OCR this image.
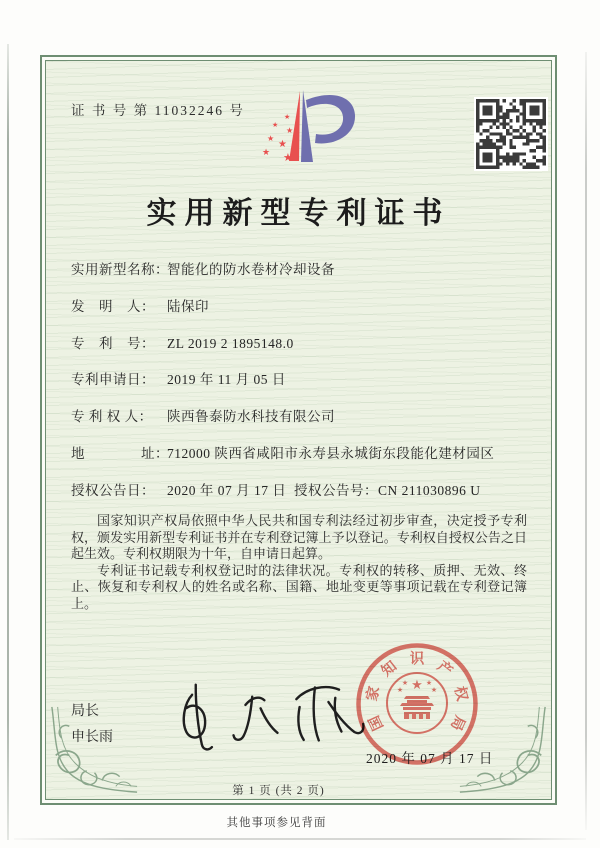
证 书 号 第 11032246 号	★
★
★
★
★
★ ★
实用新型专利证书
实用新型名称：智能化的防水卷材冷却设备
发　明　人： 陆保印
专　利　号： ZL 2019 2 1895148.0
专利申请日： 2019 年 11 月 05 日
专 利 权 人： 陕西鲁泰防水科技有限公司
地　　　　址：712000 陕西省咸阳市永寿县永城街东段能化建材园区
授权公告日： 2020 年 07 月 17 日 授权公告号：CN 211030896 U

国家知识产权局依照中华人民共和国专利法经过初步审查，决定授予专利权，颁发实用新型专利证书并在专利登记簿上予以登记。专利权自授权公告之日起生效。专利权期限为十年，自申请日起算。

专利证书记载专利权登记时的法律状况。专利权的转移、质押、无效、终止、恢复和专利权人的姓名或名称、国籍、地址变更等事项记载在专利登记簿上。

局长
申长雨
国
家
知 识 产
权
局
★
★	★
★	★
2020 年 07 月 17 日
第 1 页 (共 2 页)
其他事项参见背面
